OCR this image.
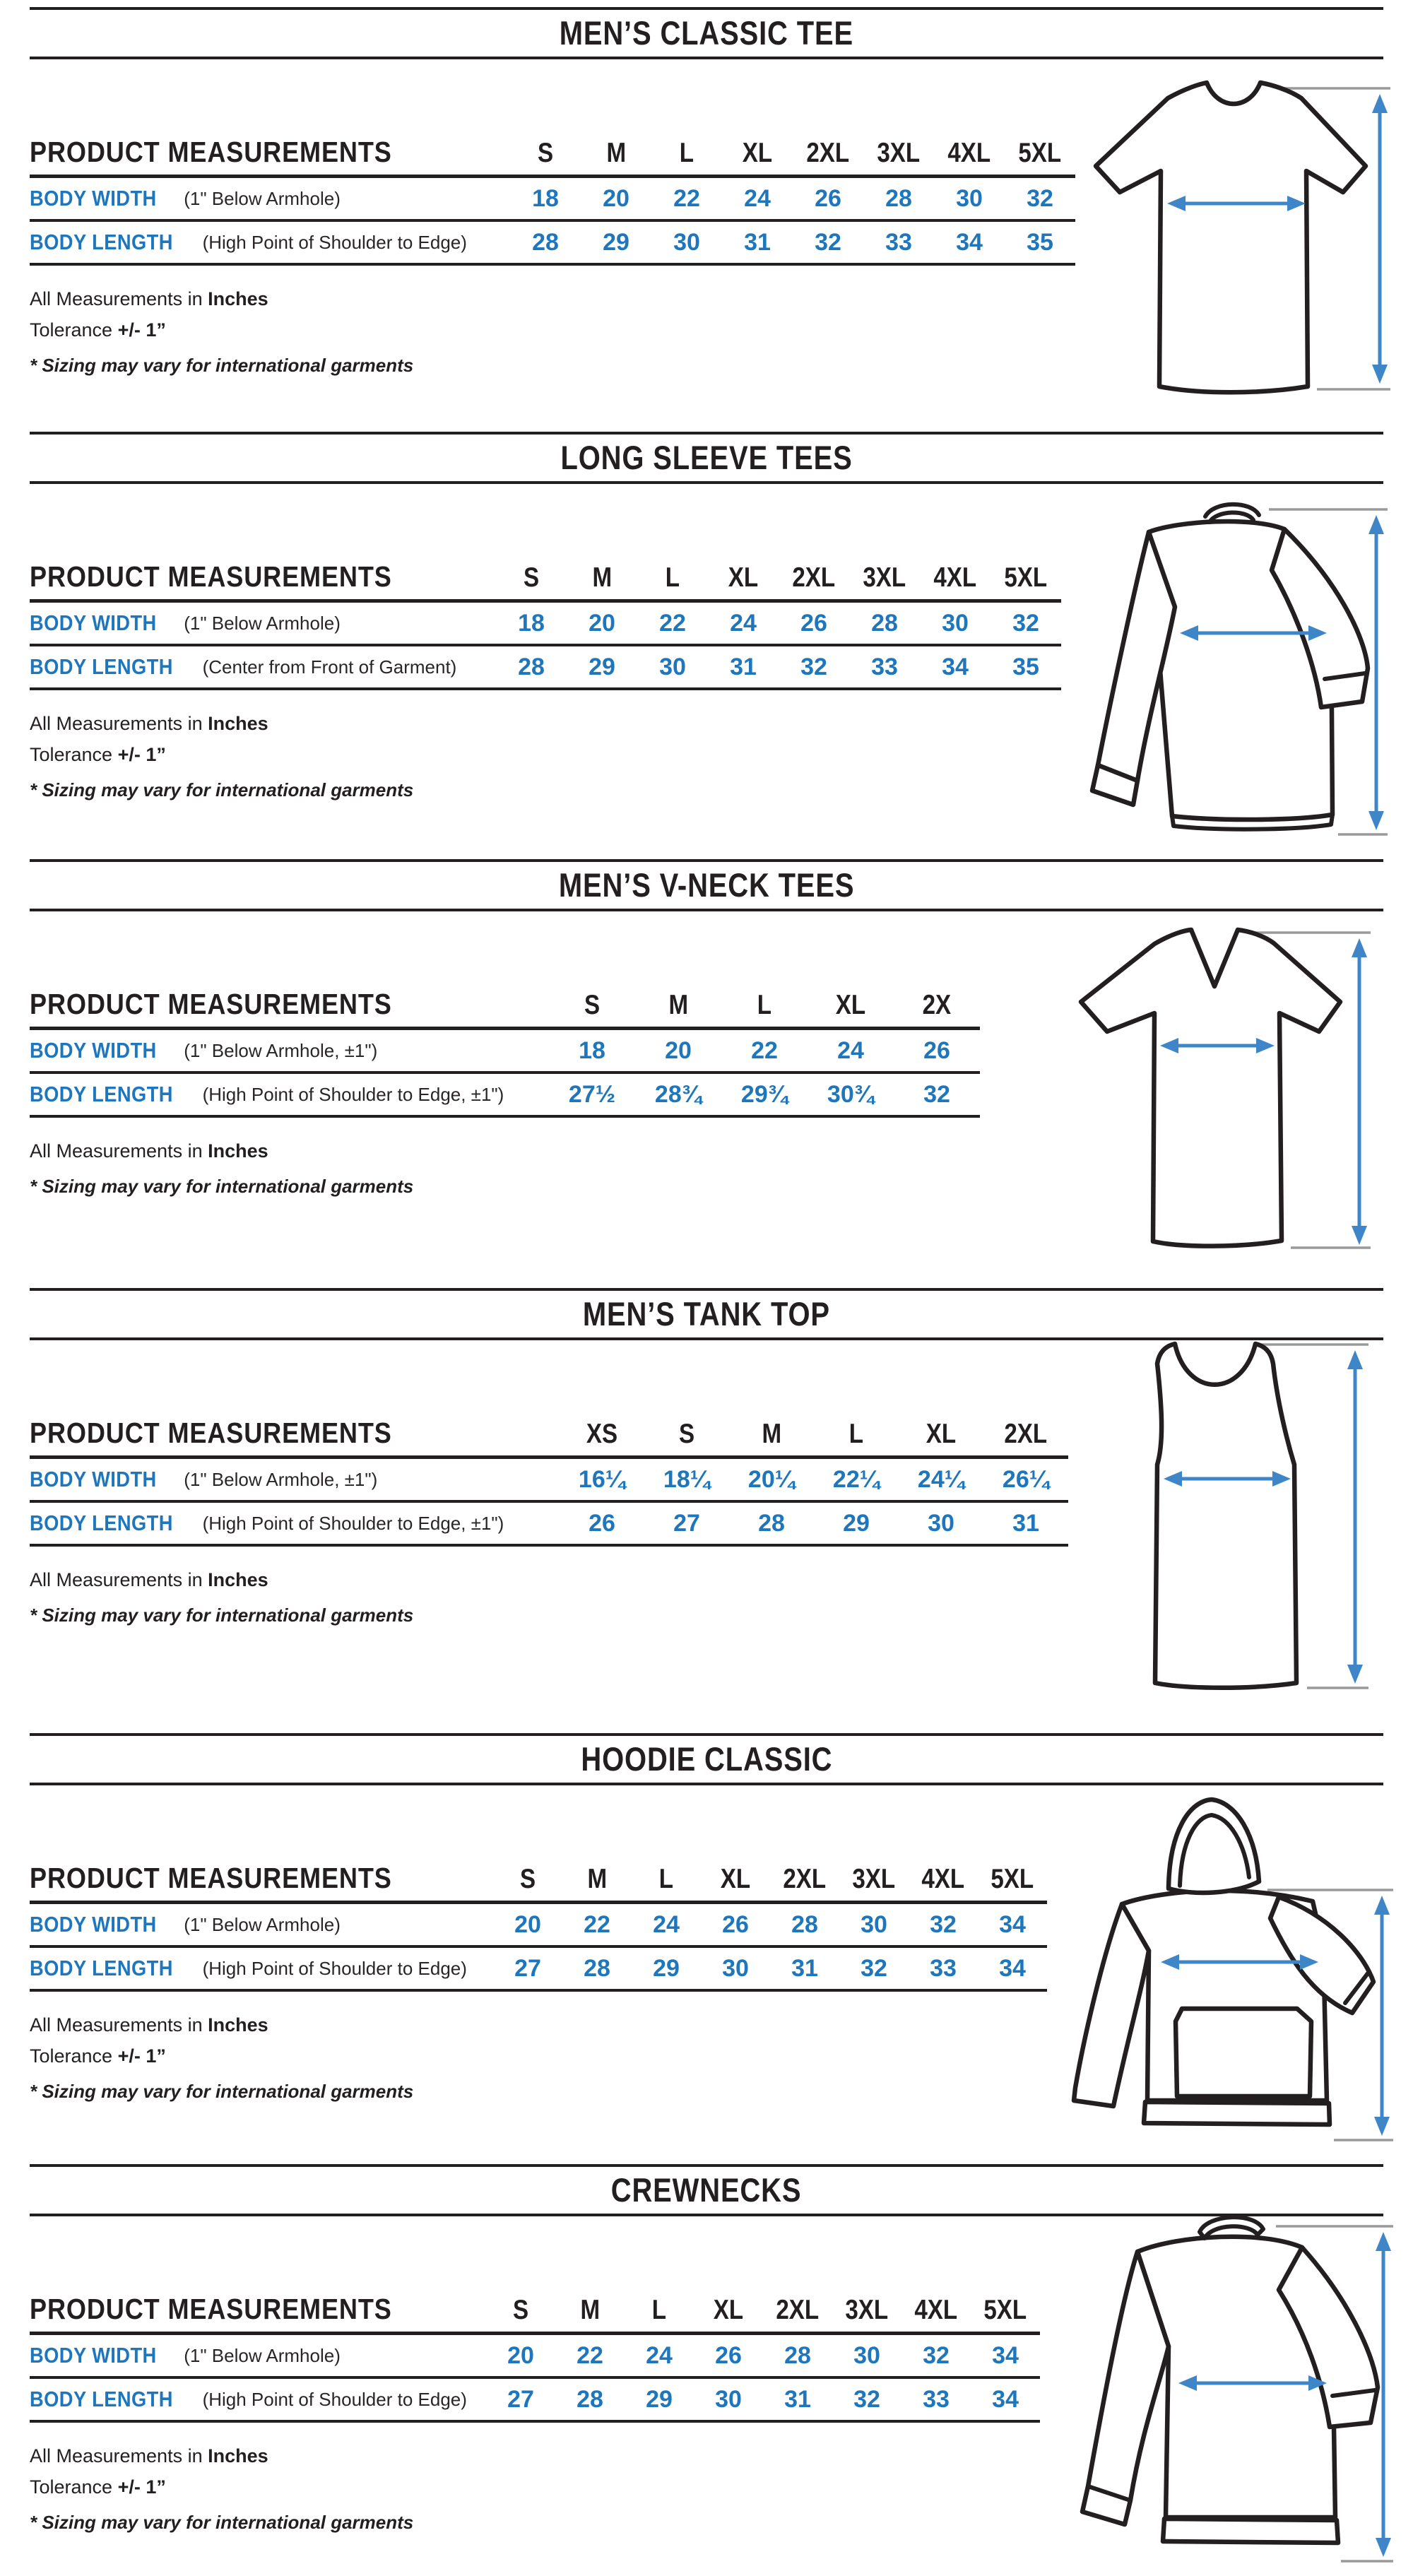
MEN’S CLASSIC TEE
PRODUCT MEASUREMENTS	S	M	L	XL	2XL	3XL	4XL	5XL
BODY WIDTH (1" Below Armhole)	18	20	22	24	26	28	30	32
BODY LENGTH (High Point of Shoulder to Edge)	28	29	30	31	32	33	34	35

All Measurements in Inches

Tolerance +/- 1”

* Sizing may vary for international garments

LONG SLEEVE TEES
PRODUCT MEASUREMENTS	S	M	L	XL	2XL	3XL	4XL	5XL
BODY WIDTH (1" Below Armhole)	18	20	22	24	26	28	30	32
BODY LENGTH (Center from Front of Garment)	28	29	30	31	32	33	34	35

All Measurements in Inches

Tolerance +/- 1”

* Sizing may vary for international garments

MEN’S V-NECK TEES
PRODUCT MEASUREMENTS	S	M	L	XL	2X
BODY WIDTH (1" Below Armhole, ±1")	18	20	22	24	26
BODY LENGTH (High Point of Shoulder to Edge, ±1")	27½	28¾	29¾	30¾	32

All Measurements in Inches

* Sizing may vary for international garments

MEN’S TANK TOP
PRODUCT MEASUREMENTS	XS	S	M	L	XL	2XL
BODY WIDTH (1" Below Armhole, ±1")	16¼	18¼	20¼	22¼	24¼	26¼
BODY LENGTH (High Point of Shoulder to Edge, ±1")	26	27	28	29	30	31

All Measurements in Inches

* Sizing may vary for international garments

HOODIE CLASSIC
PRODUCT MEASUREMENTS	S	M	L	XL	2XL 3XL 4XL 5XL
BODY WIDTH (1" Below Armhole)	20	22	24	26	28	30	32	34
BODY LENGTH (High Point of Shoulder to Edge)	27	28	29	30	31	32	33	34

All Measurements in Inches

Tolerance +/- 1”

* Sizing may vary for international garments

CREWNECKS
PRODUCT MEASUREMENTS	S	M	L	XL	2XL 3XL 4XL 5XL
BODY WIDTH (1" Below Armhole)	20	22	24	26	28	30	32	34
BODY LENGTH (High Point of Shoulder to Edge)	27	28	29	30	31	32	33	34

All Measurements in Inches

Tolerance +/- 1”

* Sizing may vary for international garments
